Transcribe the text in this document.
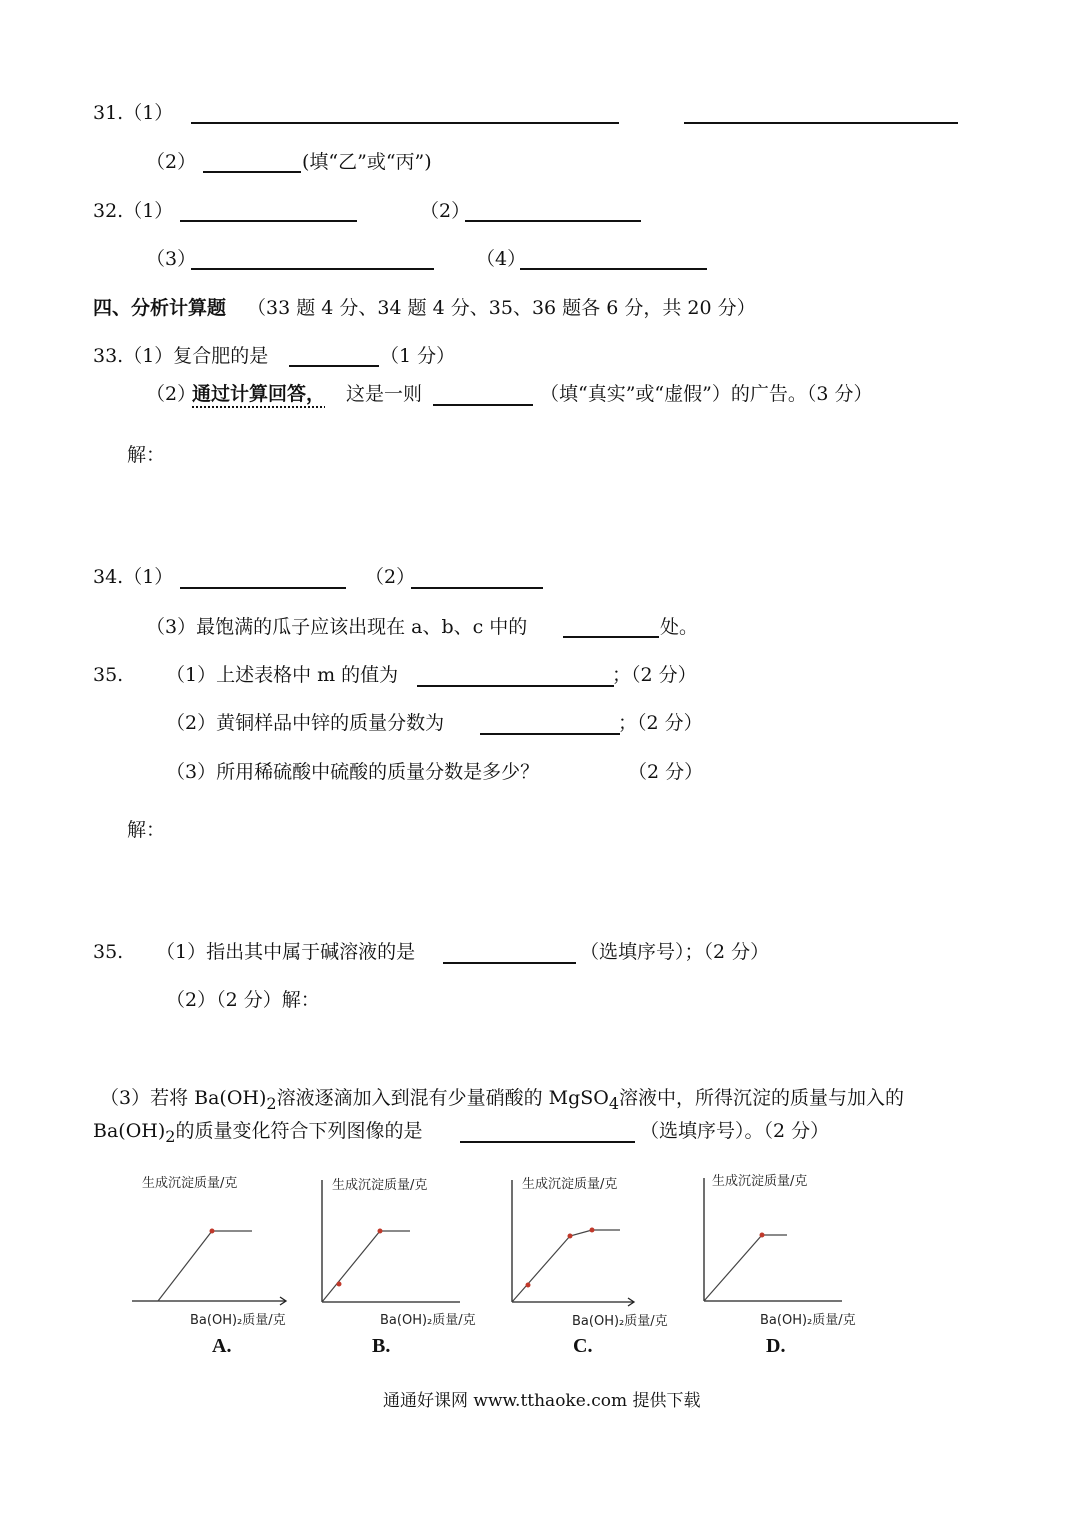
31.（1）
（2）	(填“乙”或“丙”)
32.（1）	（2）
（3）	（4）
四、分析计算题 （33 题 4 分、34 题 4 分、35、36 题各 6 分，共 20 分）
33.（1）复合肥的是	（1 分）
（2）
通过计算回答， 这是一则	（填“真实”或“虚假”）的广告。（3 分）
解：
34.（1）	（2）
（3）最饱满的瓜子应该出现在 a、b、c 中的	处。
35. （1）上述表格中 m 的值为	；（2 分）
（2）黄铜样品中锌的质量分数为	；（2 分）
（3）所用稀硫酸中硫酸的质量分数是多少？	（2 分）
解：
35. （1）指出其中属于碱溶液的是	（选填序号）；（2 分）
（2）（2 分）解：
（3）若将 $Ba(OH)_2$溶液逐滴加入到混有少量硝酸的 MgSO$_4$溶液中，所得沉淀的质量与加入的
$Ba(OH)_2$的质量变化符合下列图像的是	（选填序号）。（2 分）
生成沉淀质量/克
Ba(OH)₂质量/克
A.
生成沉淀质量/克
Ba(OH)₂质量/克
B.
生成沉淀质量/克
Ba(OH)₂质量/克
C.
生成沉淀质量/克
Ba(OH)₂质量/克
D.
通通好课网 www.tthaoke.com 提供下载
